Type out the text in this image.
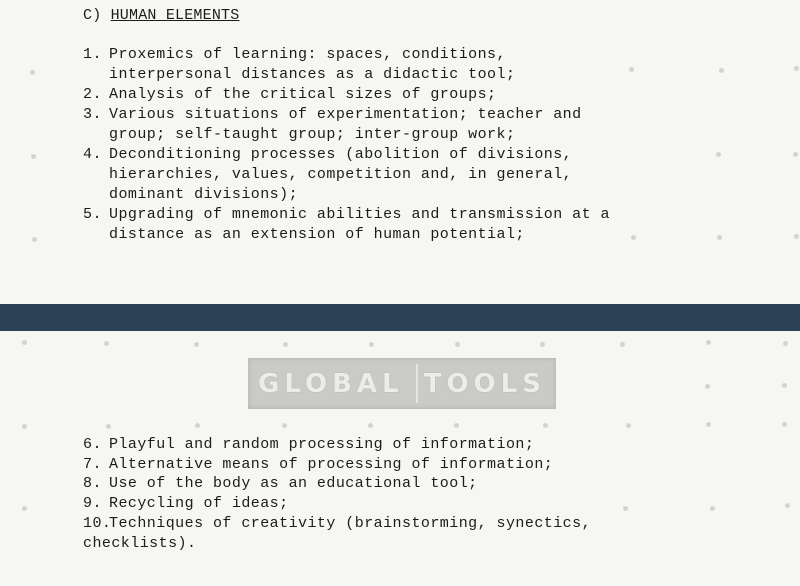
C) HUMAN ELEMENTS
1. Proxemics of learning: spaces, conditions,
interpersonal distances as a didactic tool;
2. Analysis of the critical sizes of groups;
3. Various situations of experimentation; teacher and
group; self-taught group; inter-group work;
4. Deconditioning processes (abolition of divisions,
hierarchies, values, competition and, in general,
dominant divisions);
5. Upgrading of mnemonic abilities and transmission at a
distance as an extension of human potential;
GLOBAL TOOLS
6. Playful and random processing of information;
7. Alternative means of processing of information;
8. Use of the body as an educational tool;
9. Recycling of ideas;
10.
Techniques of creativity (brainstorming, synectics,
checklists).
